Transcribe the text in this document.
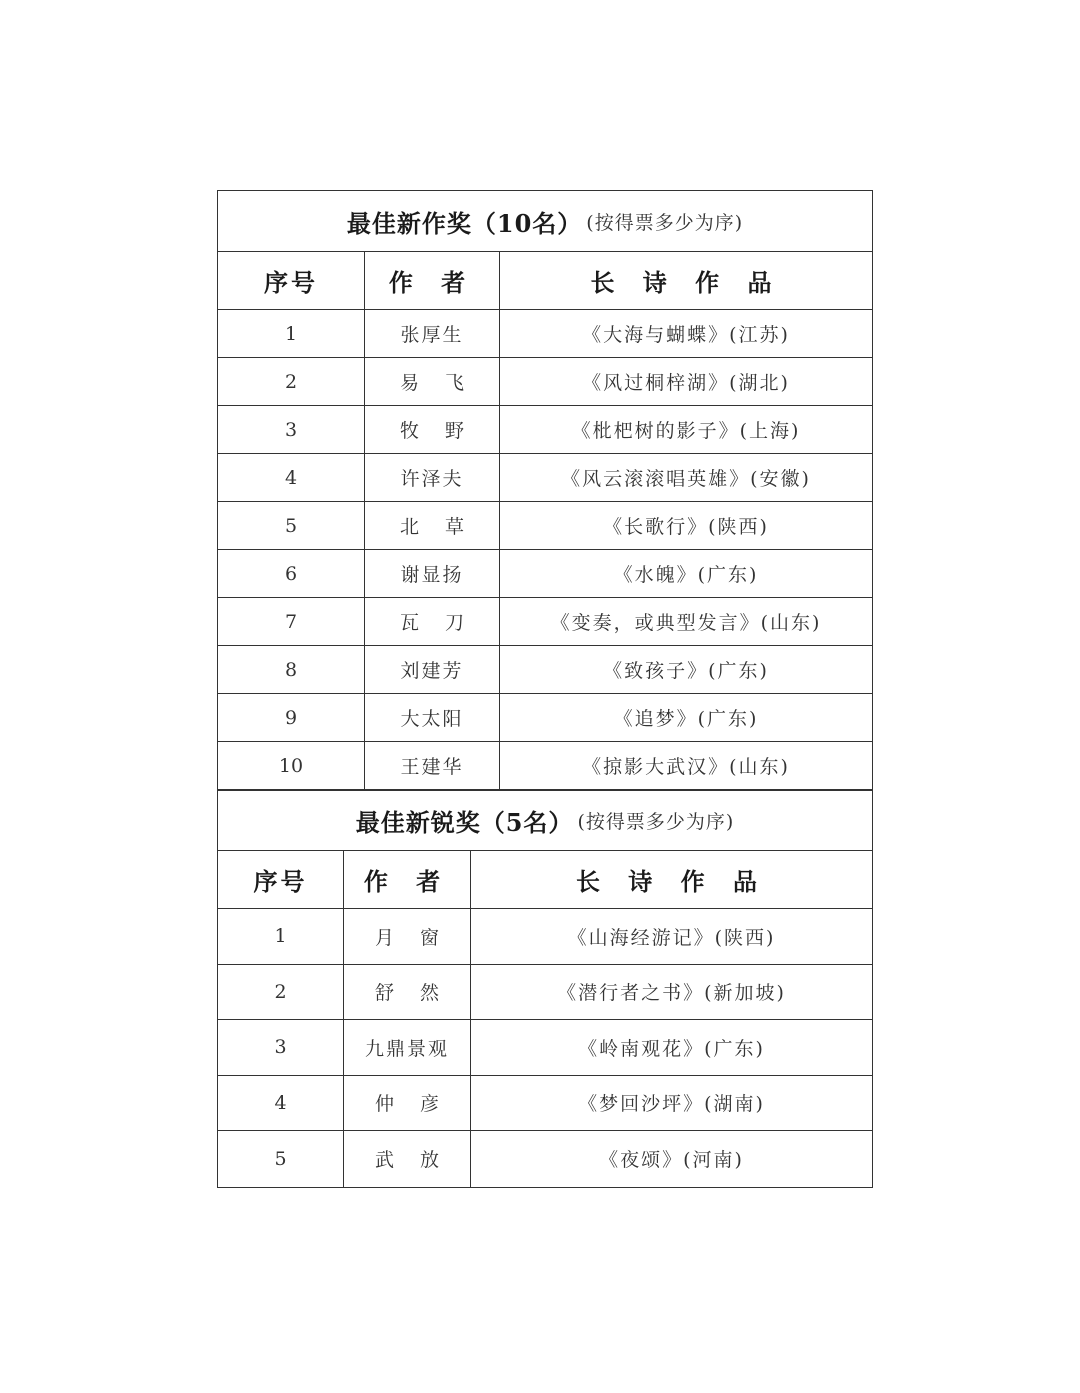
最佳新作奖（10名） (按得票多少为序)
序号	作 者	长 诗 作 品
1	张厚生	《大海与蝴蝶》(江苏)
2	易飞	《风过桐梓湖》(湖北)
3	牧野	《枇杷树的影子》(上海)
4	许泽夫	《风云滚滚唱英雄》(安徽)
5	北草	《长歌行》(陕西)
6	谢显扬	《水魄》(广东)
7	瓦刀	《变奏，或典型发言》(山东)
8	刘建芳	《致孩子》(广东)
9	大太阳	《追梦》(广东)
10	王建华	《掠影大武汉》(山东)
最佳新锐奖（5名） (按得票多少为序)
序号	作 者	长 诗 作 品
1	月窗	《山海经游记》(陕西)
2	舒然	《潜行者之书》(新加坡)
3	九鼎景观	《岭南观花》(广东)
4	仲彦	《梦回沙坪》(湖南)
5	武放	《夜颂》(河南)
